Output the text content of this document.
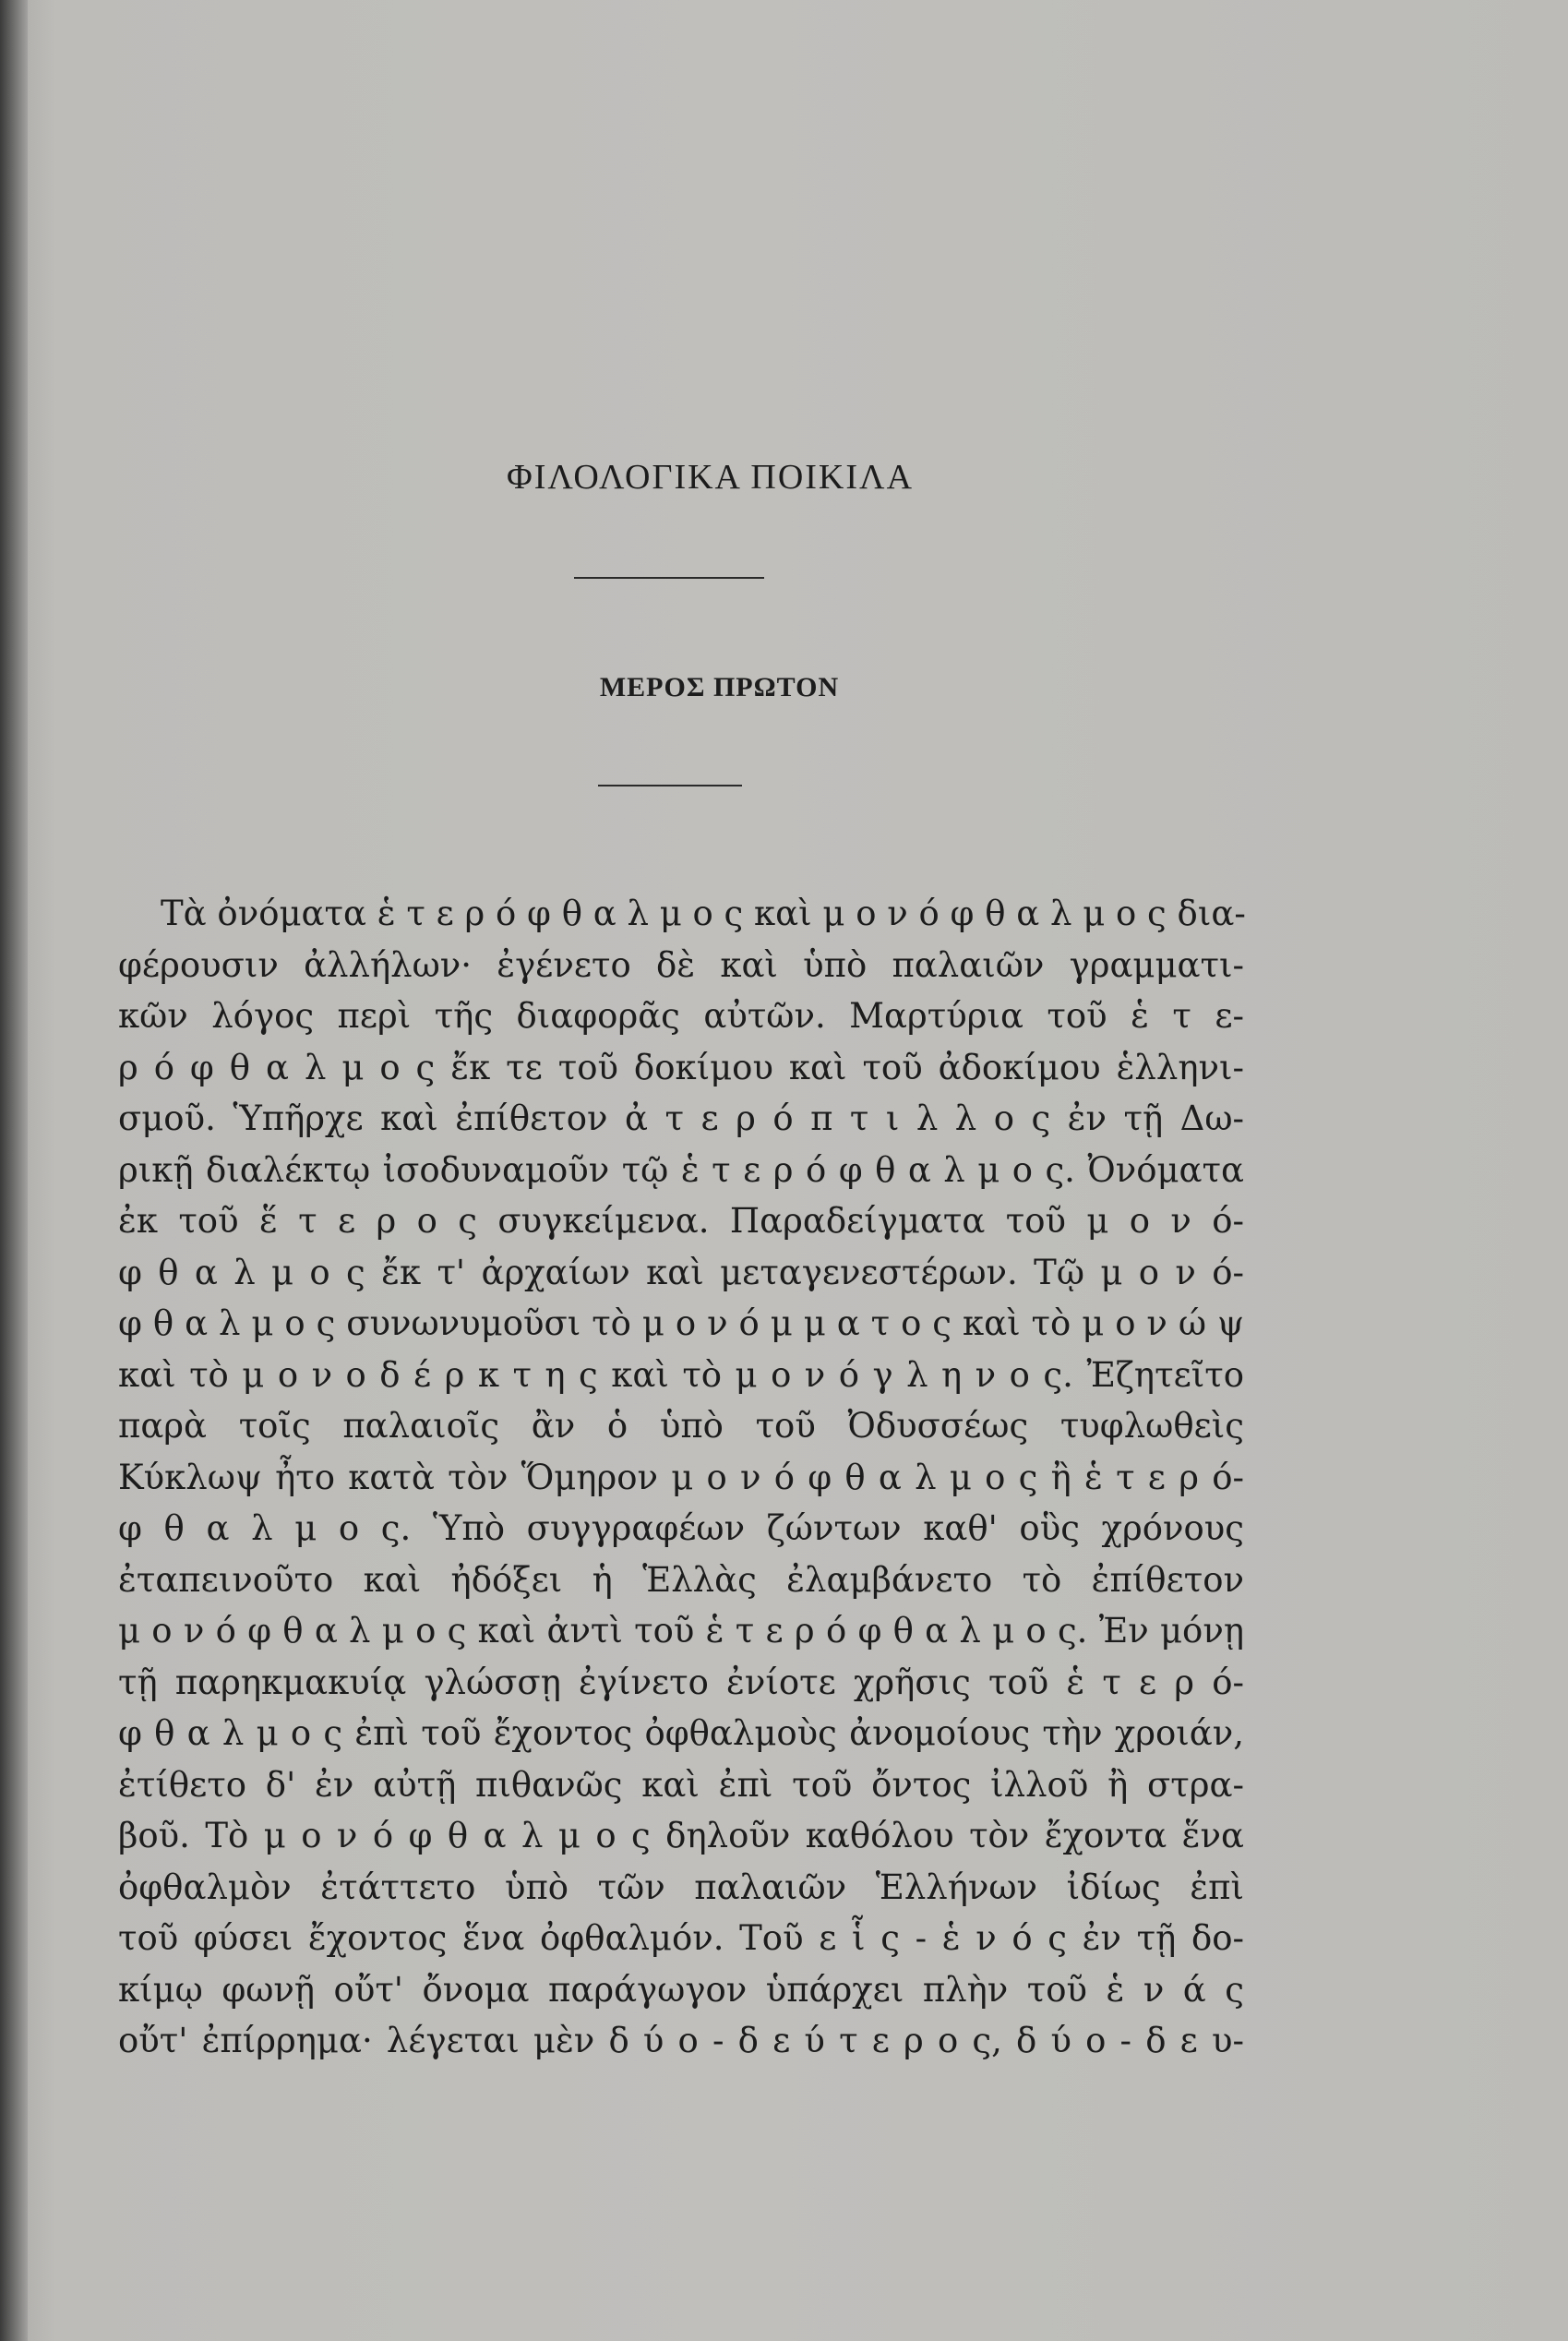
ΦΙΛΟΛΟΓΙΚΑ ΠΟΙΚΙΛΑ
ΜΕΡΟΣ ΠΡΩΤΟΝ
Τὰ ὀνόματα ἑ τ ε ρ ό φ θ α λ μ ο ς καὶ μ ο ν ό φ θ α λ μ ο ς δια-
φέρουσιν ἀλλήλων· ἐγένετο δὲ καὶ ὑπὸ παλαιῶν γραμματι-
κῶν λόγος περὶ τῆς διαφορᾶς αὐτῶν. Μαρτύρια τοῦ ἑ τ ε-
ρ ό φ θ α λ μ ο ς ἔκ τε τοῦ δοκίμου καὶ τοῦ ἀδοκίμου ἑλληνι-
σμοῦ. Ὑπῆρχε καὶ ἐπίθετον ἀ τ ε ρ ό π τ ι λ λ ο ς ἐν τῇ Δω-
ρικῇ διαλέκτῳ ἰσοδυναμοῦν τῷ ἑ τ ε ρ ό φ θ α λ μ ο ς. Ὀνόματα
ἐκ τοῦ ἕ τ ε ρ ο ς συγκείμενα. Παραδείγματα τοῦ μ ο ν ό-
φ θ α λ μ ο ς ἔκ τ' ἀρχαίων καὶ μεταγενεστέρων. Τῷ μ ο ν ό-
φ θ α λ μ ο ς συνωνυμοῦσι τὸ μ ο ν ό μ μ α τ ο ς καὶ τὸ μ ο ν ώ ψ
καὶ τὸ μ ο ν ο δ έ ρ κ τ η ς καὶ τὸ μ ο ν ό γ λ η ν ο ς. Ἐζητεῖτο
παρὰ τοῖς παλαιοῖς ἂν ὁ ὑπὸ τοῦ Ὀδυσσέως τυφλωθεὶς
Κύκλωψ ἦτο κατὰ τὸν Ὅμηρον μ ο ν ό φ θ α λ μ ο ς ἢ ἑ τ ε ρ ό-
φ θ α λ μ ο ς. Ὑπὸ συγγραφέων ζώντων καθ' οὓς χρόνους
ἐταπεινοῦτο καὶ ἠδόξει ἡ Ἑλλὰς ἐλαμβάνετο τὸ ἐπίθετον
μ ο ν ό φ θ α λ μ ο ς καὶ ἀντὶ τοῦ ἑ τ ε ρ ό φ θ α λ μ ο ς. Ἐν μόνῃ
τῇ παρηκμακυίᾳ γλώσσῃ ἐγίνετο ἐνίοτε χρῆσις τοῦ ἑ τ ε ρ ό-
φ θ α λ μ ο ς ἐπὶ τοῦ ἔχοντος ὀφθαλμοὺς ἀνομοίους τὴν χροιάν,
ἐτίθετο δ' ἐν αὐτῇ πιθανῶς καὶ ἐπὶ τοῦ ὄντος ἰλλοῦ ἢ στρα-
βοῦ. Τὸ μ ο ν ό φ θ α λ μ ο ς δηλοῦν καθόλου τὸν ἔχοντα ἕνα
ὀφθαλμὸν ἐτάττετο ὑπὸ τῶν παλαιῶν Ἑλλήνων ἰδίως ἐπὶ
τοῦ φύσει ἔχοντος ἕνα ὀφθαλμόν. Τοῦ ε ἷ ς - ἑ ν ό ς ἐν τῇ δο-
κίμῳ φωνῇ οὔτ' ὄνομα παράγωγον ὑπάρχει πλὴν τοῦ ἑ ν ά ς
οὔτ' ἐπίρρημα· λέγεται μὲν δ ύ ο - δ ε ύ τ ε ρ ο ς, δ ύ ο - δ ε υ-
